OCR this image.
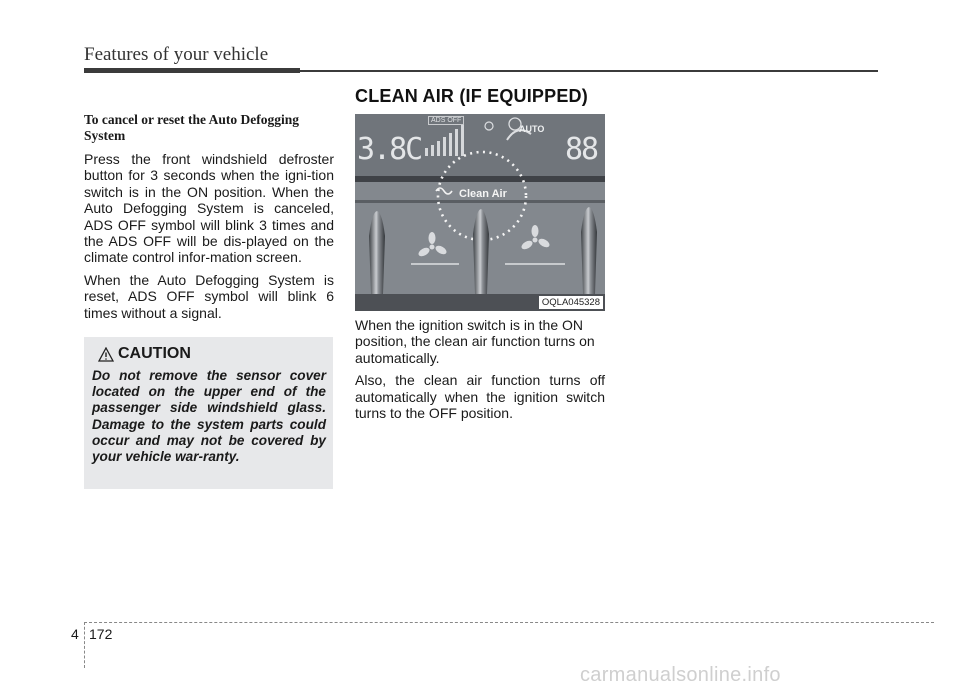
Features of your vehicle
CLEAN AIR (IF EQUIPPED)

To cancel or reset the Auto Defogging System

Press the front windshield defroster button for 3 seconds when the igni-tion switch is in the ON position. When the Auto Defogging System is canceled, ADS OFF symbol will blink 3 times and the ADS OFF will be dis-played on the climate control infor-mation screen.

When the Auto Defogging System is reset, ADS OFF symbol will blink 6 times without a signal.

CAUTION

Do not remove the sensor cover located on the upper end of the passenger side windshield glass. Damage to the system parts could occur and may not be covered by your vehicle war-ranty.

ADS OFF
3.8C	88
AUTO
Clean Air
OQLA045328

When the ignition switch is in the ON position, the clean air function turns on automatically.

Also, the clean air function turns off automatically when the ignition switch turns to the OFF position.

4 172
carmanualsonline.info
